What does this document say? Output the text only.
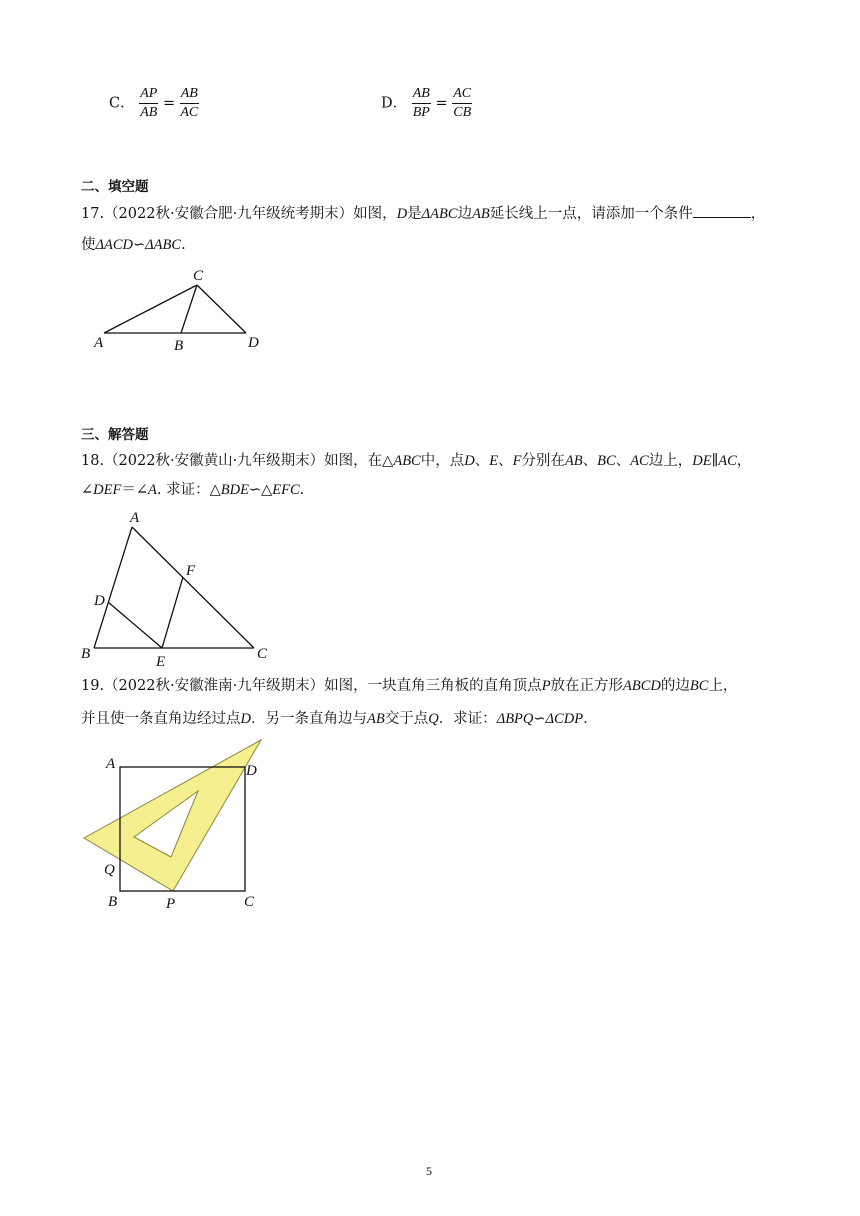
C． $\frac{AP}{AB} = \frac{AB}{AC}$	D． $\frac{AB}{BP} = \frac{AC}{CB}$
二、填空题
17.（2022秋·安徽合肥·九年级统考期末）如图，D是ΔABC边AB延长线上一点，请添加一个条件	，
使ΔACD∽ΔABC.
C
A	B	D
三、解答题
18.（2022秋·安徽黄山·九年级期末）如图，在△ABC中，点D、E、F分别在AB、BC、AC边上，DE∥AC，
∠DEF＝∠A. 求证：△BDE∽△EFC.
A
D
F
B	E	C
19.（2022秋·安徽淮南·九年级期末）如图，一块直角三角板的直角顶点P放在正方形ABCD的边BC上，
并且使一条直角边经过点D．另一条直角边与AB交于点Q．求证：ΔBPQ∽ΔCDP．
A	D
Q
B	P	C
5
